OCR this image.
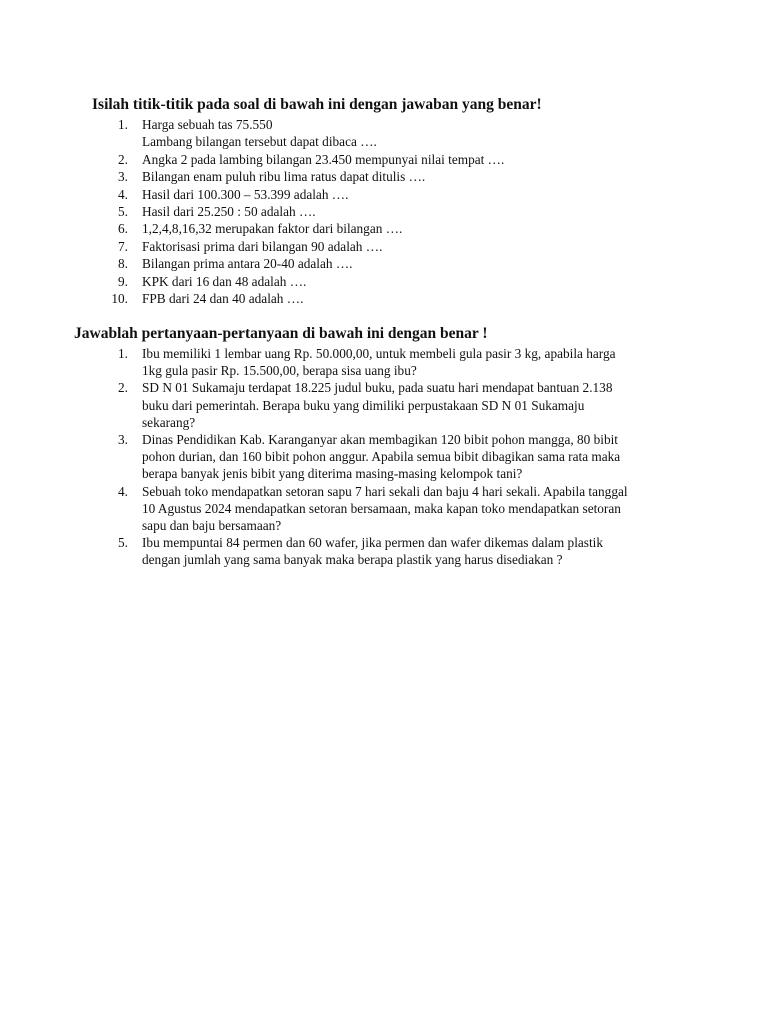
Isilah titik-titik pada soal di bawah ini dengan jawaban yang benar!
1. Harga sebuah tas 75.550
Lambang bilangan tersebut dapat dibaca ….
2. Angka 2 pada lambing bilangan 23.450 mempunyai nilai tempat ….
3. Bilangan enam puluh ribu lima ratus dapat ditulis ….
4. Hasil dari 100.300 – 53.399 adalah ….
5. Hasil dari 25.250 : 50 adalah ….
6. 1,2,4,8,16,32 merupakan faktor dari bilangan ….
7. Faktorisasi prima dari bilangan 90 adalah ….
8. Bilangan prima antara 20-40 adalah ….
9. KPK dari 16 dan 48 adalah ….
10. FPB dari 24 dan 40 adalah ….
Jawablah pertanyaan-pertanyaan di bawah ini dengan benar !
1. Ibu memiliki 1 lembar uang Rp. 50.000,00, untuk membeli gula pasir 3 kg, apabila harga
1kg gula pasir Rp. 15.500,00, berapa sisa uang ibu?
2. SD N 01 Sukamaju terdapat 18.225 judul buku, pada suatu hari mendapat bantuan 2.138
buku dari pemerintah. Berapa buku yang dimiliki perpustakaan SD N 01 Sukamaju
sekarang?
3. Dinas Pendidikan Kab. Karanganyar akan membagikan 120 bibit pohon mangga, 80 bibit
pohon durian, dan 160 bibit pohon anggur. Apabila semua bibit dibagikan sama rata maka
berapa banyak jenis bibit yang diterima masing-masing kelompok tani?
4. Sebuah toko mendapatkan setoran sapu 7 hari sekali dan baju 4 hari sekali. Apabila tanggal
10 Agustus 2024 mendapatkan setoran bersamaan, maka kapan toko mendapatkan setoran
sapu dan baju bersamaan?
5. Ibu mempuntai 84 permen dan 60 wafer, jika permen dan wafer dikemas dalam plastik
dengan jumlah yang sama banyak maka berapa plastik yang harus disediakan ?
